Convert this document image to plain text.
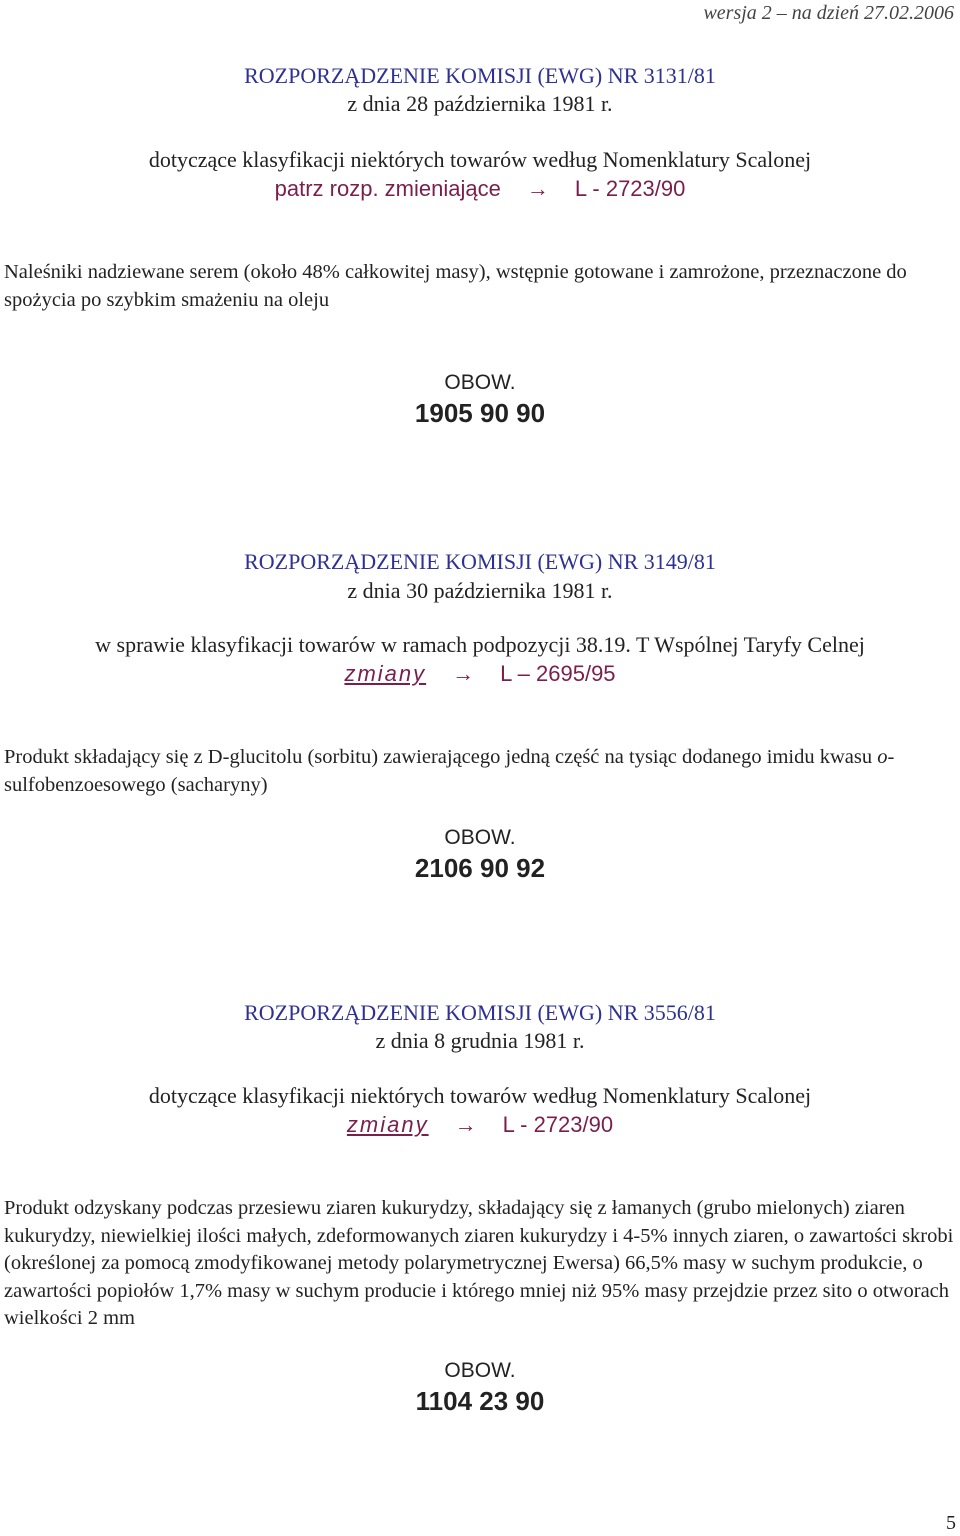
wersja 2 – na dzień 27.02.2006
ROZPORZĄDZENIE KOMISJI (EWG) NR 3131/81
z dnia 28 października 1981 r.
dotyczące klasyfikacji niektórych towarów według Nomenklatury Scalonej
patrz rozp. zmieniające → L - 2723/90
Naleśniki nadziewane serem (około 48% całkowitej masy), wstępnie gotowane i zamrożone, przeznaczone do spożycia po szybkim smażeniu na oleju
OBOW.
1905 90 90
ROZPORZĄDZENIE KOMISJI (EWG) NR 3149/81
z dnia 30 października 1981 r.
w sprawie klasyfikacji towarów w ramach podpozycji 38.19. T Wspólnej Taryfy Celnej
zmiany → L – 2695/95
Produkt składający się z D-glucitolu (sorbitu) zawierającego jedną część na tysiąc dodanego imidu kwasu o-sulfobenzoesowego (sacharyny)
OBOW.
2106 90 92
ROZPORZĄDZENIE KOMISJI (EWG) NR 3556/81
z dnia 8 grudnia 1981 r.
dotyczące klasyfikacji niektórych towarów według Nomenklatury Scalonej
zmiany → L - 2723/90
Produkt odzyskany podczas przesiewu ziaren kukurydzy, składający się z łamanych (grubo mielonych) ziaren kukurydzy, niewielkiej ilości małych, zdeformowanych ziaren kukurydzy i 4-5% innych ziaren, o zawartości skrobi (określonej za pomocą zmodyfikowanej metody polarymetrycznej Ewersa) 66,5% masy w suchym produkcie, o zawartości popiołów 1,7% masy w suchym producie i którego mniej niż 95% masy przejdzie przez sito o otworach wielkości 2 mm
OBOW.
1104 23 90
5
